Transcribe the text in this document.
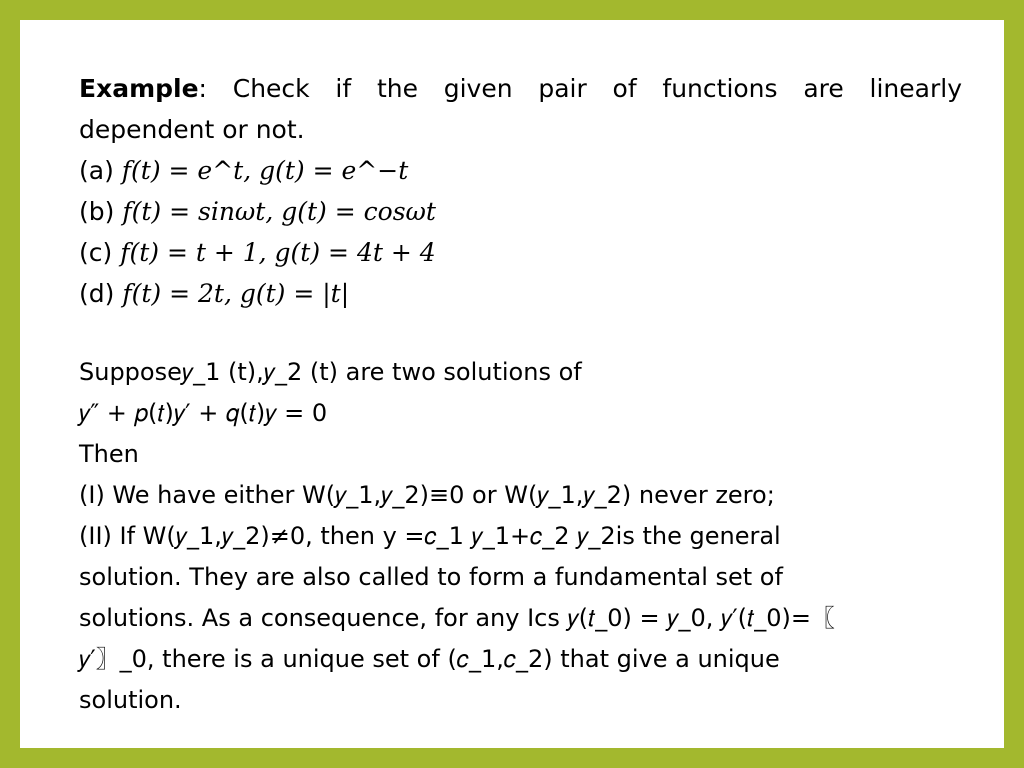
Example: Check if the given pair of functions are linearly
dependent or not.
(a) 𝑓(𝑡) = 𝑒^𝑡, 𝑔(𝑡) = 𝑒^−𝑡
(b) 𝑓(𝑡) = sin𝜔𝑡, 𝑔(𝑡) = cos𝜔𝑡
(c) 𝑓(𝑡) = 𝑡 + 1, 𝑔(𝑡) = 4𝑡 + 4
(d) 𝑓(𝑡) = 2𝑡, 𝑔(𝑡) = |𝑡|
Suppose𝑦_1 (t),𝑦_2 (t) are two solutions of
𝑦″ + 𝑝(𝑡)𝑦′ + 𝑞(𝑡)𝑦 = 0
Then
(I) We have either W(𝑦_1,𝑦_2)≡0 or W(𝑦_1,𝑦_2) never zero;
(II) If W(𝑦_1,𝑦_2)≠0, then y =𝑐_1 𝑦_1+𝑐_2 𝑦_2is the general
solution. They are also called to form a fundamental set of
solutions. As a consequence, for any Ics 𝑦(𝑡_0) = 𝑦_0, 𝑦′(𝑡_0)=〖
𝑦′〗_0, there is a unique set of (𝑐_1,𝑐_2) that give a unique
solution.
